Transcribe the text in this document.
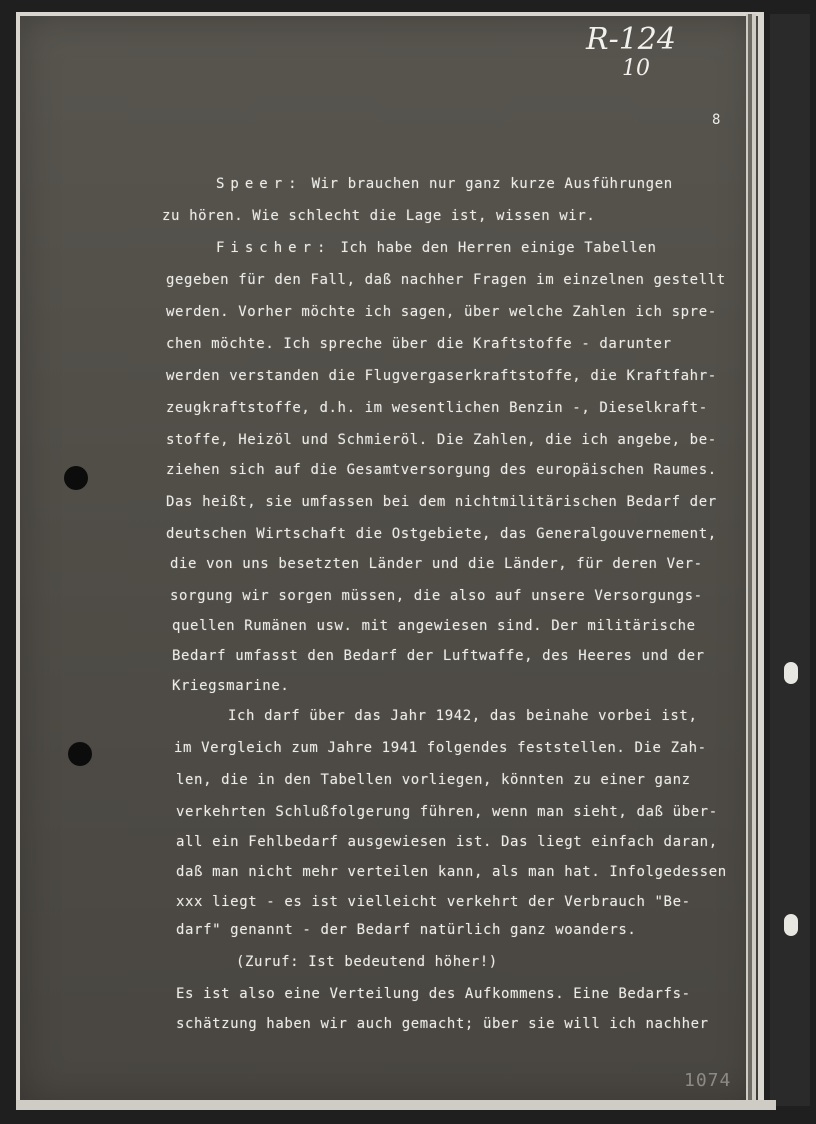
R-124
10
8

Speer: Wir brauchen nur ganz kurze Ausführungen

zu hören. Wie schlecht die Lage ist, wissen wir.

Fischer: Ich habe den Herren einige Tabellen

gegeben für den Fall, daß nachher Fragen im einzelnen gestellt

werden. Vorher möchte ich sagen, über welche Zahlen ich spre-

chen möchte. Ich spreche über die Kraftstoffe - darunter

werden verstanden die Flugvergaserkraftstoffe, die Kraftfahr-

zeugkraftstoffe, d.h. im wesentlichen Benzin -, Dieselkraft-

stoffe, Heizöl und Schmieröl. Die Zahlen, die ich angebe, be-

ziehen sich auf die Gesamtversorgung des europäischen Raumes.

Das heißt, sie umfassen bei dem nichtmilitärischen Bedarf der

deutschen Wirtschaft die Ostgebiete, das Generalgouvernement,

die von uns besetzten Länder und die Länder, für deren Ver-

sorgung wir sorgen müssen, die also auf unsere Versorgungs-

quellen Rumänen usw. mit angewiesen sind. Der militärische

Bedarf umfasst den Bedarf der Luftwaffe, des Heeres und der

Kriegsmarine.

Ich darf über das Jahr 1942, das beinahe vorbei ist,

im Vergleich zum Jahre 1941 folgendes feststellen. Die Zah-

len, die in den Tabellen vorliegen, könnten zu einer ganz

verkehrten Schlußfolgerung führen, wenn man sieht, daß über-

all ein Fehlbedarf ausgewiesen ist. Das liegt einfach daran,

daß man nicht mehr verteilen kann, als man hat. Infolgedessen

xxx liegt - es ist vielleicht verkehrt der Verbrauch "Be-

darf" genannt - der Bedarf natürlich ganz woanders.

(Zuruf: Ist bedeutend höher!)

Es ist also eine Verteilung des Aufkommens. Eine Bedarfs-

schätzung haben wir auch gemacht; über sie will ich nachher

1074
